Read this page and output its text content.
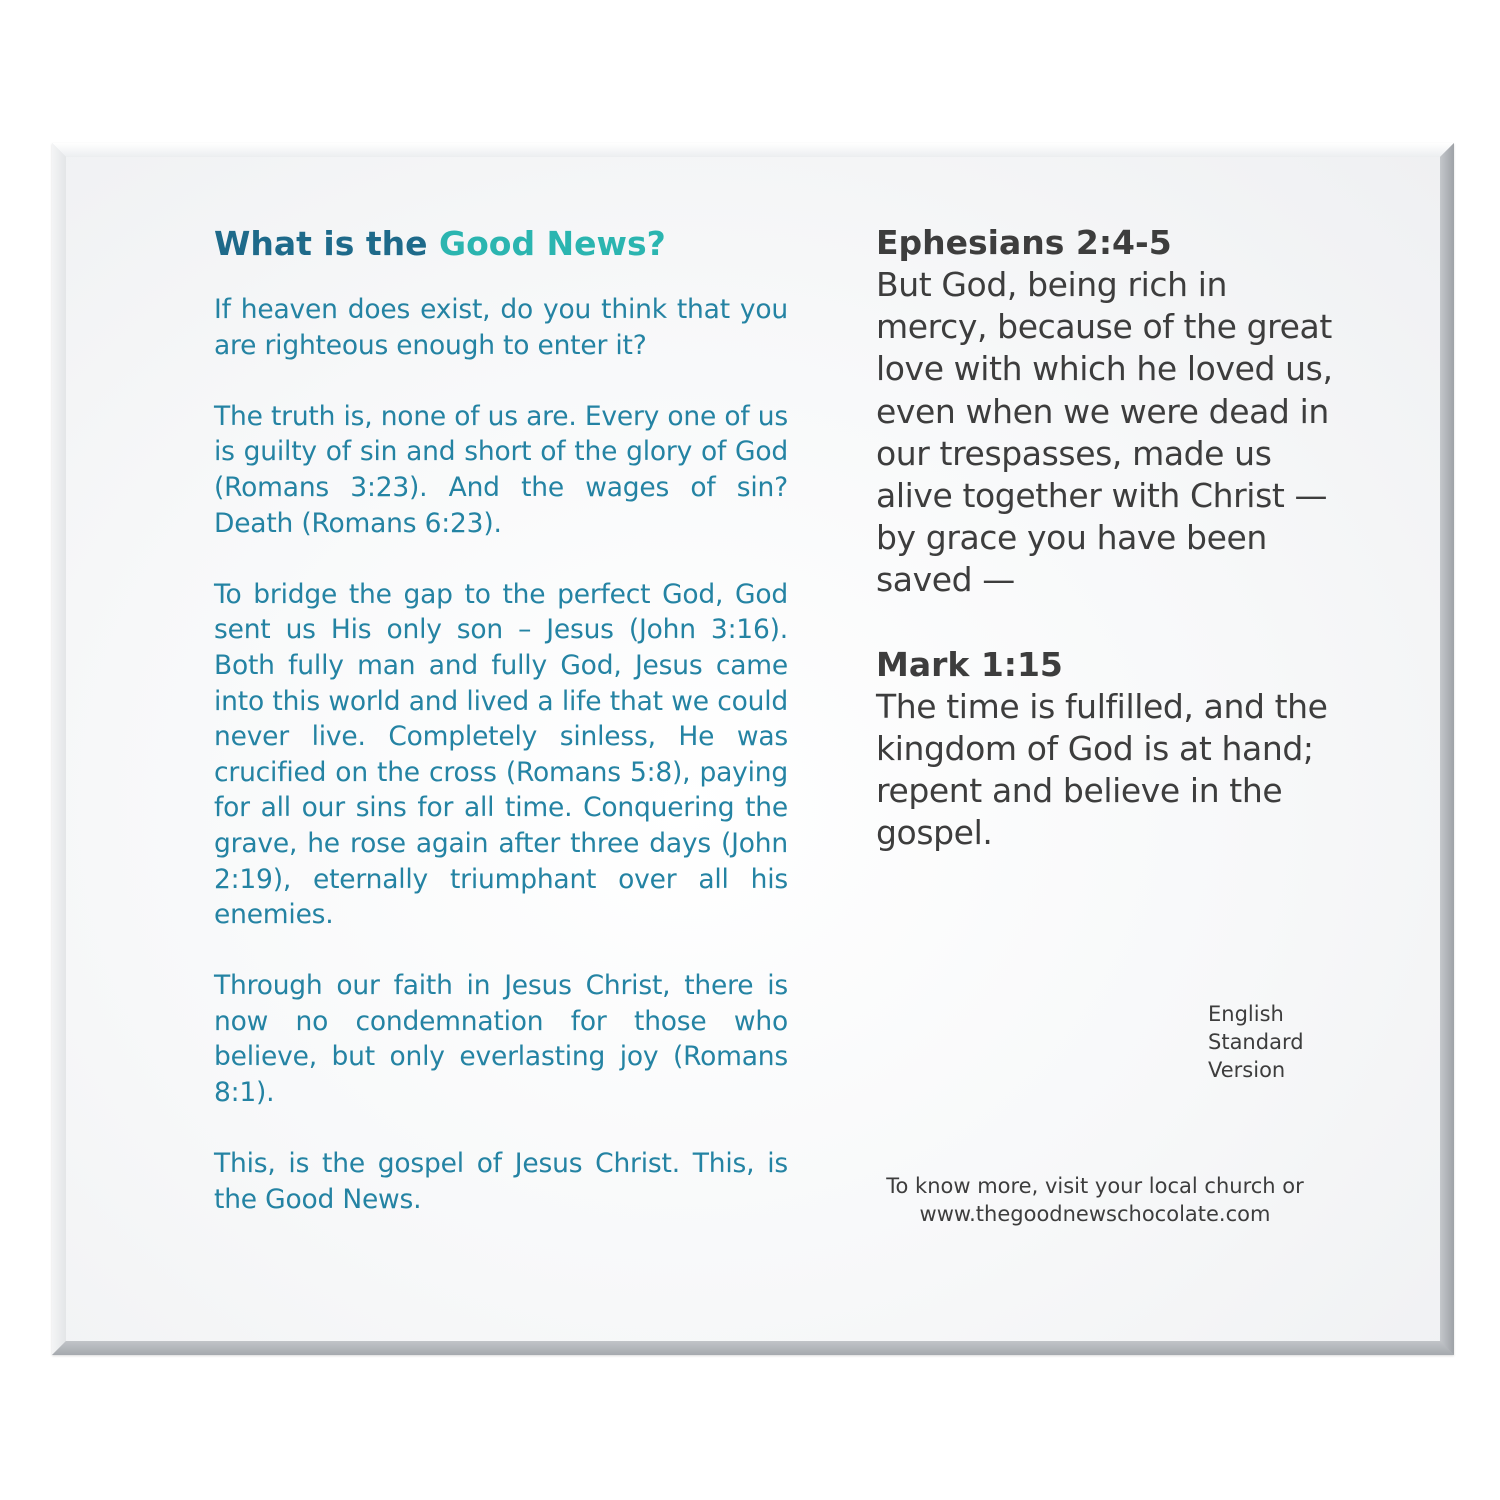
What is the Good News?

If heaven does exist, do you think that you are righteous enough to enter it?

The truth is, none of us are. Every one of us is guilty of sin and short of the glory of God (Romans 3:23). And the wages of sin? Death (Romans 6:23).

To bridge the gap to the perfect God, God sent us His only son – Jesus (John 3:16). Both fully man and fully God, Jesus came into this world and lived a life that we could never live. Completely sinless, He was crucified on the cross (Romans 5:8), paying for all our sins for all time. Conquering the grave, he rose again after three days (John 2:19), eternally triumphant over all his enemies.

Through our faith in Jesus Christ, there is now no condemnation for those who believe, but only everlasting joy (Romans 8:1).

This, is the gospel of Jesus Christ. This, is the Good News.

Ephesians 2:4-5
But God, being rich in mercy, because of the great love with which he loved us, even when we were dead in our trespasses, made us alive together with Christ — by grace you have been saved —
Mark 1:15
The time is fulfilled, and the kingdom of God is at hand; repent and believe in the gospel.
English Standard Version
To know more, visit your local church or
www.thegoodnewschocolate.com
